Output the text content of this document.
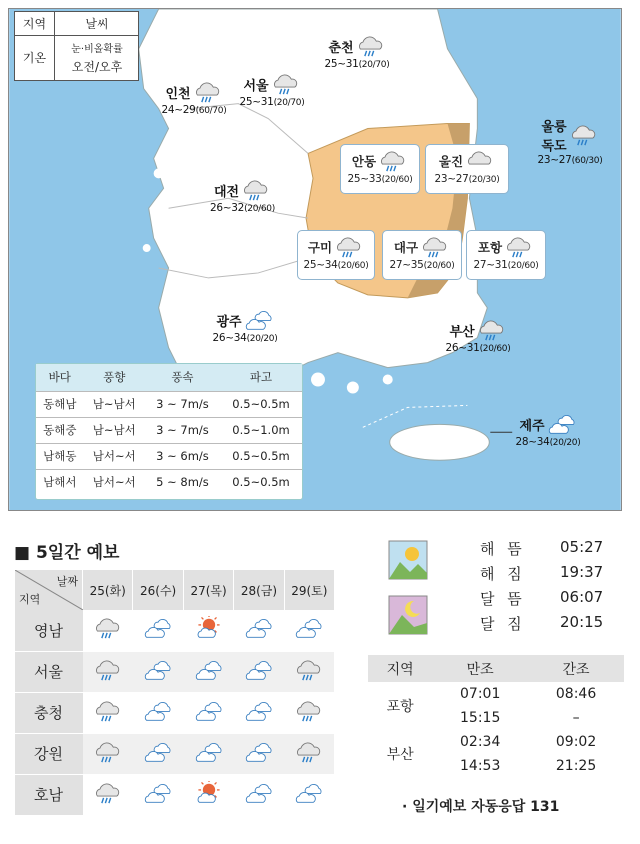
지역	날씨
기온
눈·비올확률
오전/오후
춘천
25~31(20/70)
인천
24~29(60/70)
서울
25~31(20/70)
대전
26~32(20/60)
광주
26~34(20/20)
안동
25~33(20/60)
울진
23~27(20/30)
구미
25~34(20/60)
대구
27~35(20/60)
포항
27~31(20/60)
울릉
독도
23~27(60/30)
부산
26~31(20/60)
제주
28~34(20/20)
바다	풍향	풍속	파고
동해남	남~남서	3 ~ 7m/s	0.5~0.5m
동해중	남~남서	3 ~ 7m/s	0.5~1.0m
남해동	남서~서	3 ~ 6m/s	0.5~0.5m
남해서	남서~서	5 ~ 8m/s	0.5~0.5m
■ 5일간 예보
날짜
지역	25(화)	26(수)	27(목)	28(금)	29(토)
영남					
서울					
충청					
강원					
호남					
해 뜸 05:27
해 짐 19:37
달 뜸 06:07
달 짐 20:15
지역	만조	간조
포항	07:01	08:46
	15:15	–
부산	02:34	09:02
	14:53	21:25
· 일기예보 자동응답 131
